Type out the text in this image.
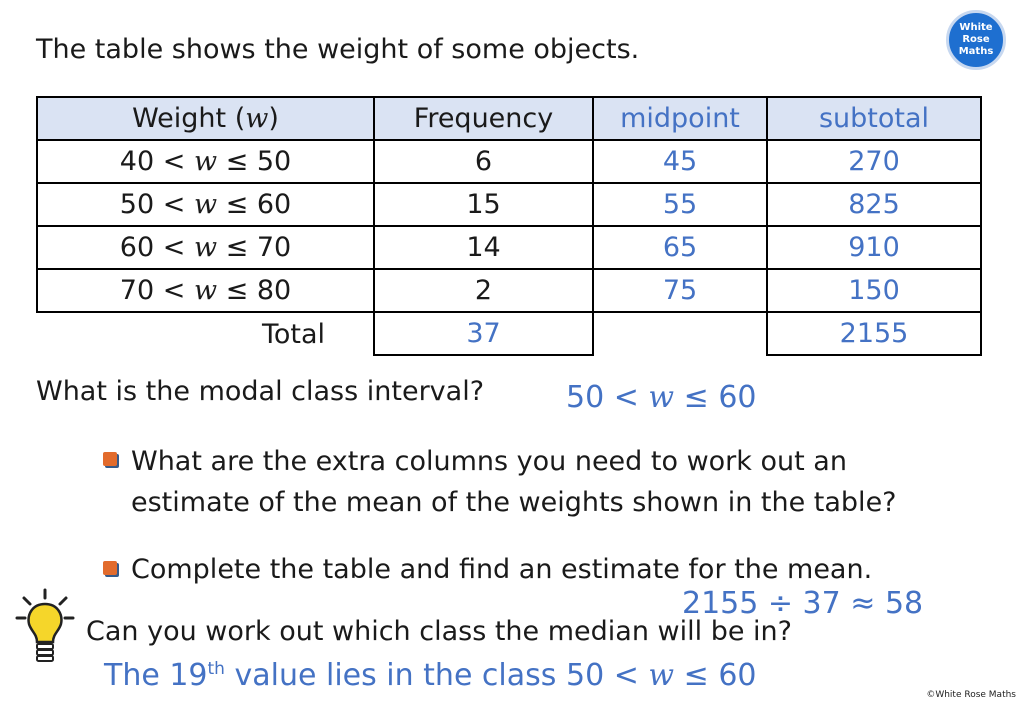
White
Rose
Maths
The table shows the weight of some objects.
Weight (w)	Frequency	midpoint	subtotal
40 < w ≤ 50	6	45	270
50 < w ≤ 60	15	55	825
60 < w ≤ 70	14	65	910
70 < w ≤ 80	2	75	150
Total	37		2155
What is the modal class interval?	50 < w ≤ 60
What are the extra columns you need to work out an
estimate of the mean of the weights shown in the table?
Complete the table and find an estimate for the mean.
2155 ÷ 37 ≈ 58
Can you work out which class the median will be in?
The 19th value lies in the class 50 < w ≤ 60
©White Rose Maths
